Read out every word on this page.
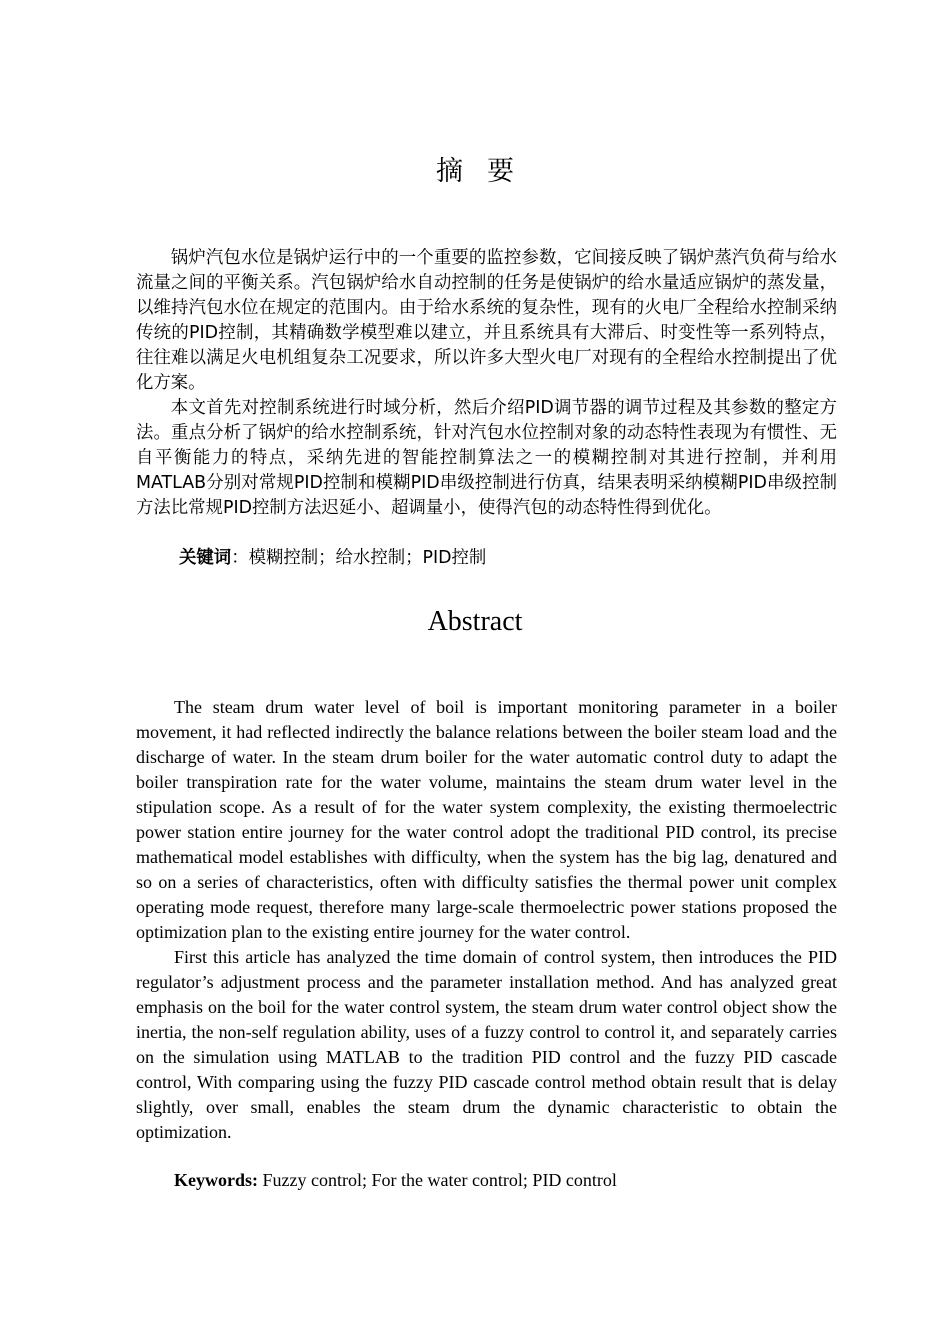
摘要

锅炉汽包水位是锅炉运行中的一个重要的监控参数，它间接反映了锅炉蒸汽负荷与给水流量之间的平衡关系。汽包锅炉给水自动控制的任务是使锅炉的给水量适应锅炉的蒸发量，以维持汽包水位在规定的范围内。由于给水系统的复杂性，现有的火电厂全程给水控制采纳传统的PID控制，其精确数学模型难以建立，并且系统具有大滞后、时变性等一系列特点，往往难以满足火电机组复杂工况要求，所以许多大型火电厂对现有的全程给水控制提出了优化方案。

本文首先对控制系统进行时域分析，然后介绍PID调节器的调节过程及其参数的整定方法。重点分析了锅炉的给水控制系统，针对汽包水位控制对象的动态特性表现为有惯性、无自平衡能力的特点，采纳先进的智能控制算法之一的模糊控制对其进行控制，并利用MATLAB分别对常规PID控制和模糊PID串级控制进行仿真，结果表明采纳模糊PID串级控制方法比常规PID控制方法迟延小、超调量小，使得汽包的动态特性得到优化。

关键词：模糊控制；给水控制；PID控制
Abstract

The steam drum water level of boil is important monitoring parameter in a boiler movement, it had reflected indirectly the balance relations between the boiler steam load and the discharge of water. In the steam drum boiler for the water automatic control duty to adapt the boiler transpiration rate for the water volume, maintains the steam drum water level in the stipulation scope. As a result of for the water system complexity, the existing thermoelectric power station entire journey for the water control adopt the traditional PID control, its precise mathematical model establishes with difficulty, when the system has the big lag, denatured and so on a series of characteristics, often with difficulty satisfies the thermal power unit complex operating mode request, therefore many large-scale thermoelectric power stations proposed the optimization plan to the existing entire journey for the water control.

First this article has analyzed the time domain of control system, then introduces the PID regulator’s adjustment process and the parameter installation method. And has analyzed great emphasis on the boil for the water control system, the steam drum water control object show the inertia, the non-self regulation ability, uses of a fuzzy control to control it, and separately carries on the simulation using MATLAB to the tradition PID control and the fuzzy PID cascade control, With comparing using the fuzzy PID cascade control method obtain result that is delay slightly, over small, enables the steam drum the dynamic characteristic to obtain the optimization.

Keywords: Fuzzy control; For the water control; PID control
